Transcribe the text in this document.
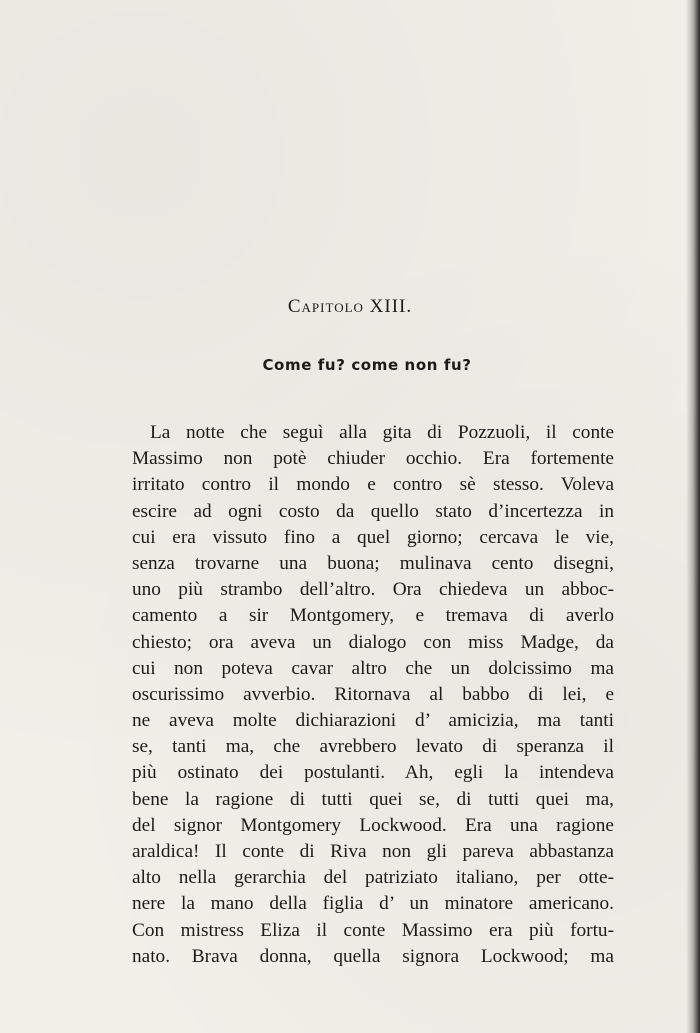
Capitolo XIII.
Come fu? come non fu?
La notte che seguì alla gita di Pozzuoli, il conte
Massimo non potè chiuder occhio. Era fortemente
irritato contro il mondo e contro sè stesso. Voleva
escire ad ogni costo da quello stato d’incertezza in
cui era vissuto fino a quel giorno; cercava le vie,
senza trovarne una buona; mulinava cento disegni,
uno più strambo dell’altro. Ora chiedeva un abboc-
camento a sir Montgomery, e tremava di averlo
chiesto; ora aveva un dialogo con miss Madge, da
cui non poteva cavar altro che un dolcissimo ma
oscurissimo avverbio. Ritornava al babbo di lei, e
ne aveva molte dichiarazioni d’ amicizia, ma tanti
se, tanti ma, che avrebbero levato di speranza il
più ostinato dei postulanti. Ah, egli la intendeva
bene la ragione di tutti quei se, di tutti quei ma,
del signor Montgomery Lockwood. Era una ragione
araldica! Il conte di Riva non gli pareva abbastanza
alto nella gerarchia del patriziato italiano, per otte-
nere la mano della figlia d’ un minatore americano.
Con mistress Eliza il conte Massimo era più fortu-
nato. Brava donna, quella signora Lockwood; ma
